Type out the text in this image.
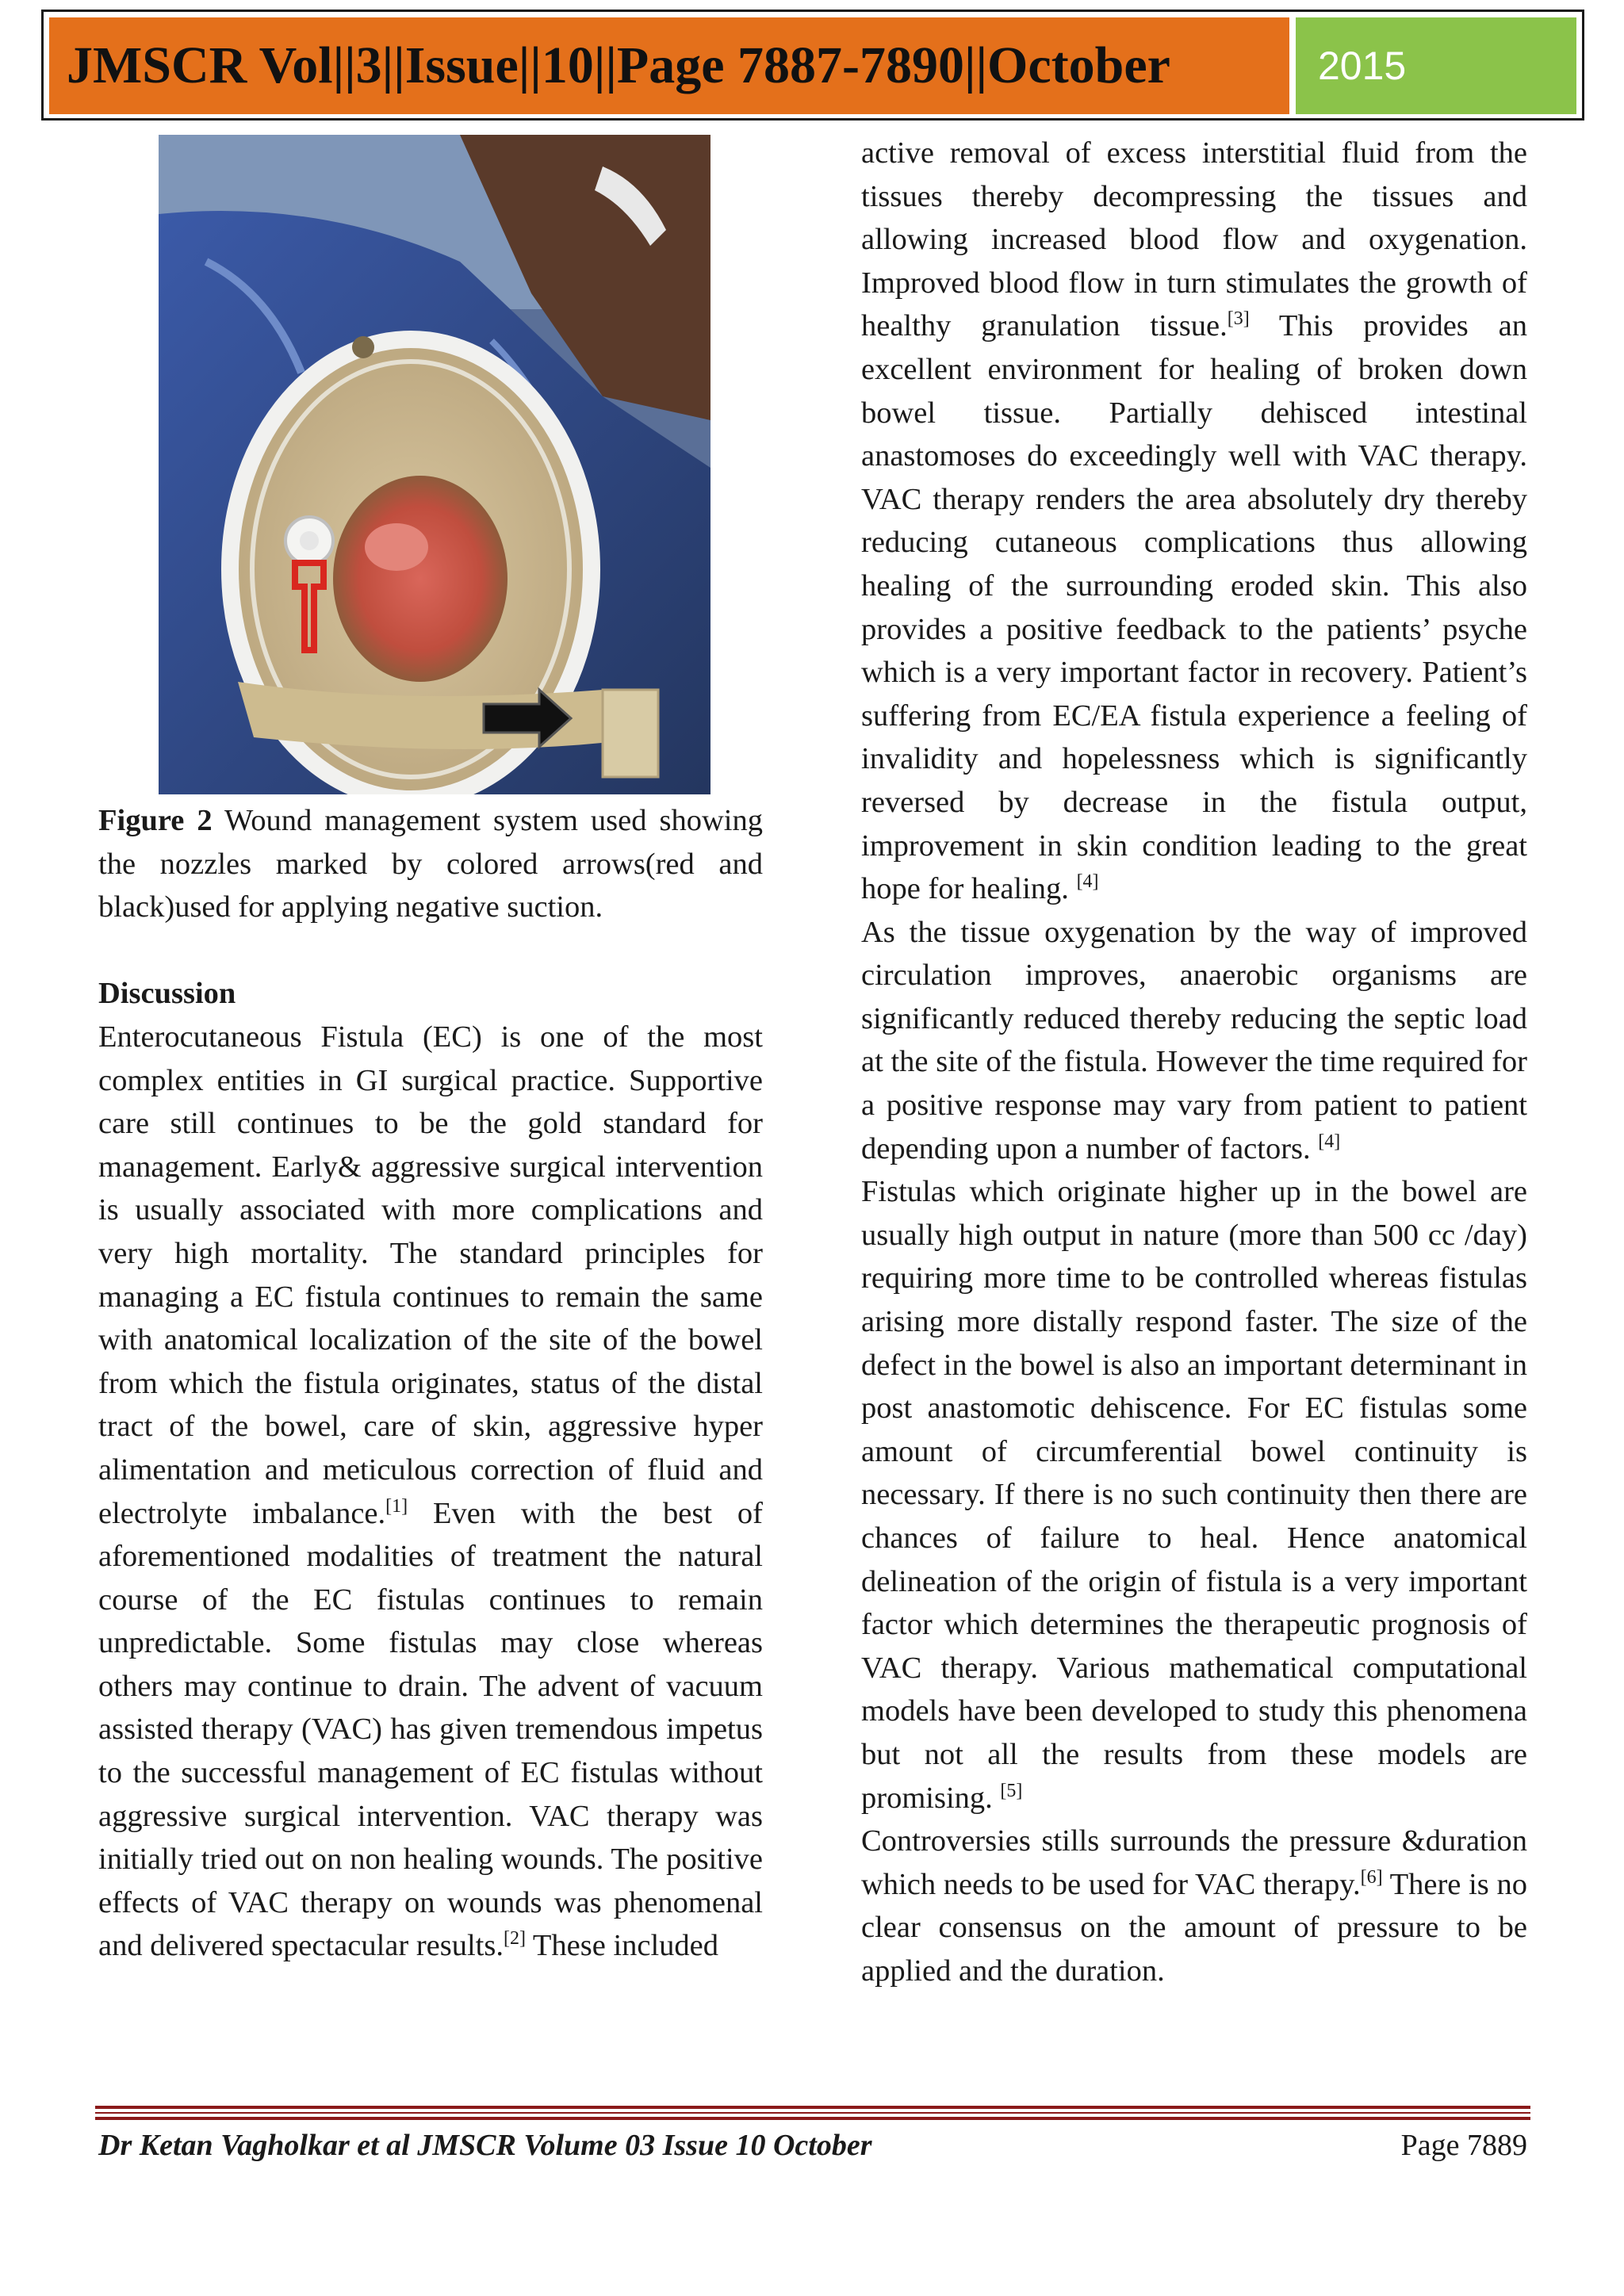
JMSCR Vol||3||Issue||10||Page 7887-7890||October	2015

Figure 2 Wound management system used showing the nozzles marked by colored arrows(red and black)used for applying negative suction.

Discussion

Enterocutaneous Fistula (EC) is one of the most complex entities in GI surgical practice. Supportive care still continues to be the gold standard for management. Early& aggressive surgical intervention is usually associated with more complications and very high mortality. The standard principles for managing a EC fistula continues to remain the same with anatomical localization of the site of the bowel from which the fistula originates, status of the distal tract of the bowel, care of skin, aggressive hyper alimentation and meticulous correction of fluid and electrolyte imbalance.[1] Even with the best of aforementioned modalities of treatment the natural course of the EC fistulas continues to remain unpredictable. Some fistulas may close whereas others may continue to drain. The advent of vacuum assisted therapy (VAC) has given tremendous impetus to the successful management of EC fistulas without aggressive surgical intervention. VAC therapy was initially tried out on non healing wounds. The positive effects of VAC therapy on wounds was phenomenal and delivered spectacular results.[2] These included

active removal of excess interstitial fluid from the tissues thereby decompressing the tissues and allowing increased blood flow and oxygenation. Improved blood flow in turn stimulates the growth of healthy granulation tissue.[3] This provides an excellent environment for healing of broken down bowel tissue. Partially dehisced intestinal anastomoses do exceedingly well with VAC therapy. VAC therapy renders the area absolutely dry thereby reducing cutaneous complications thus allowing healing of the surrounding eroded skin. This also provides a positive feedback to the patients’ psyche which is a very important factor in recovery. Patient’s suffering from EC/EA fistula experience a feeling of invalidity and hopelessness which is significantly reversed by decrease in the fistula output, improvement in skin condition leading to the great hope for healing. [4]

As the tissue oxygenation by the way of improved circulation improves, anaerobic organisms are significantly reduced thereby reducing the septic load at the site of the fistula. However the time required for a positive response may vary from patient to patient depending upon a number of factors. [4]

Fistulas which originate higher up in the bowel are usually high output in nature (more than 500 cc /day) requiring more time to be controlled whereas fistulas arising more distally respond faster. The size of the defect in the bowel is also an important determinant in post anastomotic dehiscence. For EC fistulas some amount of circumferential bowel continuity is necessary. If there is no such continuity then there are chances of failure to heal. Hence anatomical delineation of the origin of fistula is a very important factor which determines the therapeutic prognosis of VAC therapy. Various mathematical computational models have been developed to study this phenomena but not all the results from these models are promising. [5]

Controversies stills surrounds the pressure &duration which needs to be used for VAC therapy.[6] There is no clear consensus on the amount of pressure to be applied and the duration.

Dr Ketan Vagholkar et al JMSCR Volume 03 Issue 10 October	Page 7889
